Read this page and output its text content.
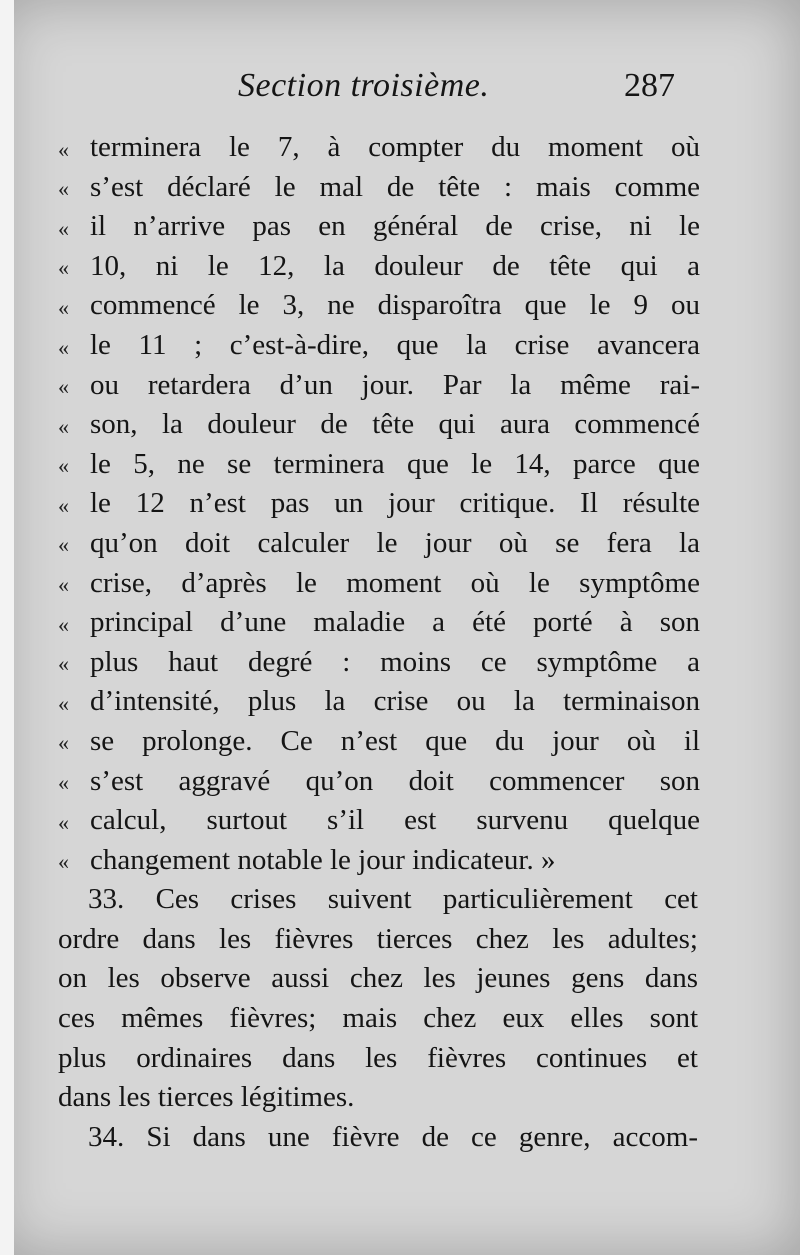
Section troisième.	287
« terminera le 7, à compter du moment où
« s’est déclaré le mal de tête : mais comme
« il n’arrive pas en général de crise, ni le
« 10, ni le 12, la douleur de tête qui a
« commencé le 3, ne disparoîtra que le 9 ou
« le 11 ; c’est-à-dire, que la crise avancera
« ou retardera d’un jour. Par la même rai-
« son, la douleur de tête qui aura commencé
« le 5, ne se terminera que le 14, parce que
« le 12 n’est pas un jour critique. Il résulte
« qu’on doit calculer le jour où se fera la
« crise, d’après le moment où le symptôme
« principal d’une maladie a été porté à son
« plus haut degré : moins ce symptôme a
« d’intensité, plus la crise ou la terminaison
« se prolonge. Ce n’est que du jour où il
« s’est aggravé qu’on doit commencer son
« calcul, surtout s’il est survenu quelque
« changement notable le jour indicateur. »
33. Ces crises suivent particulièrement cet
ordre dans les fièvres tierces chez les adultes;
on les observe aussi chez les jeunes gens dans
ces mêmes fièvres; mais chez eux elles sont
plus ordinaires dans les fièvres continues et
dans les tierces légitimes.
34. Si dans une fièvre de ce genre, accom-
